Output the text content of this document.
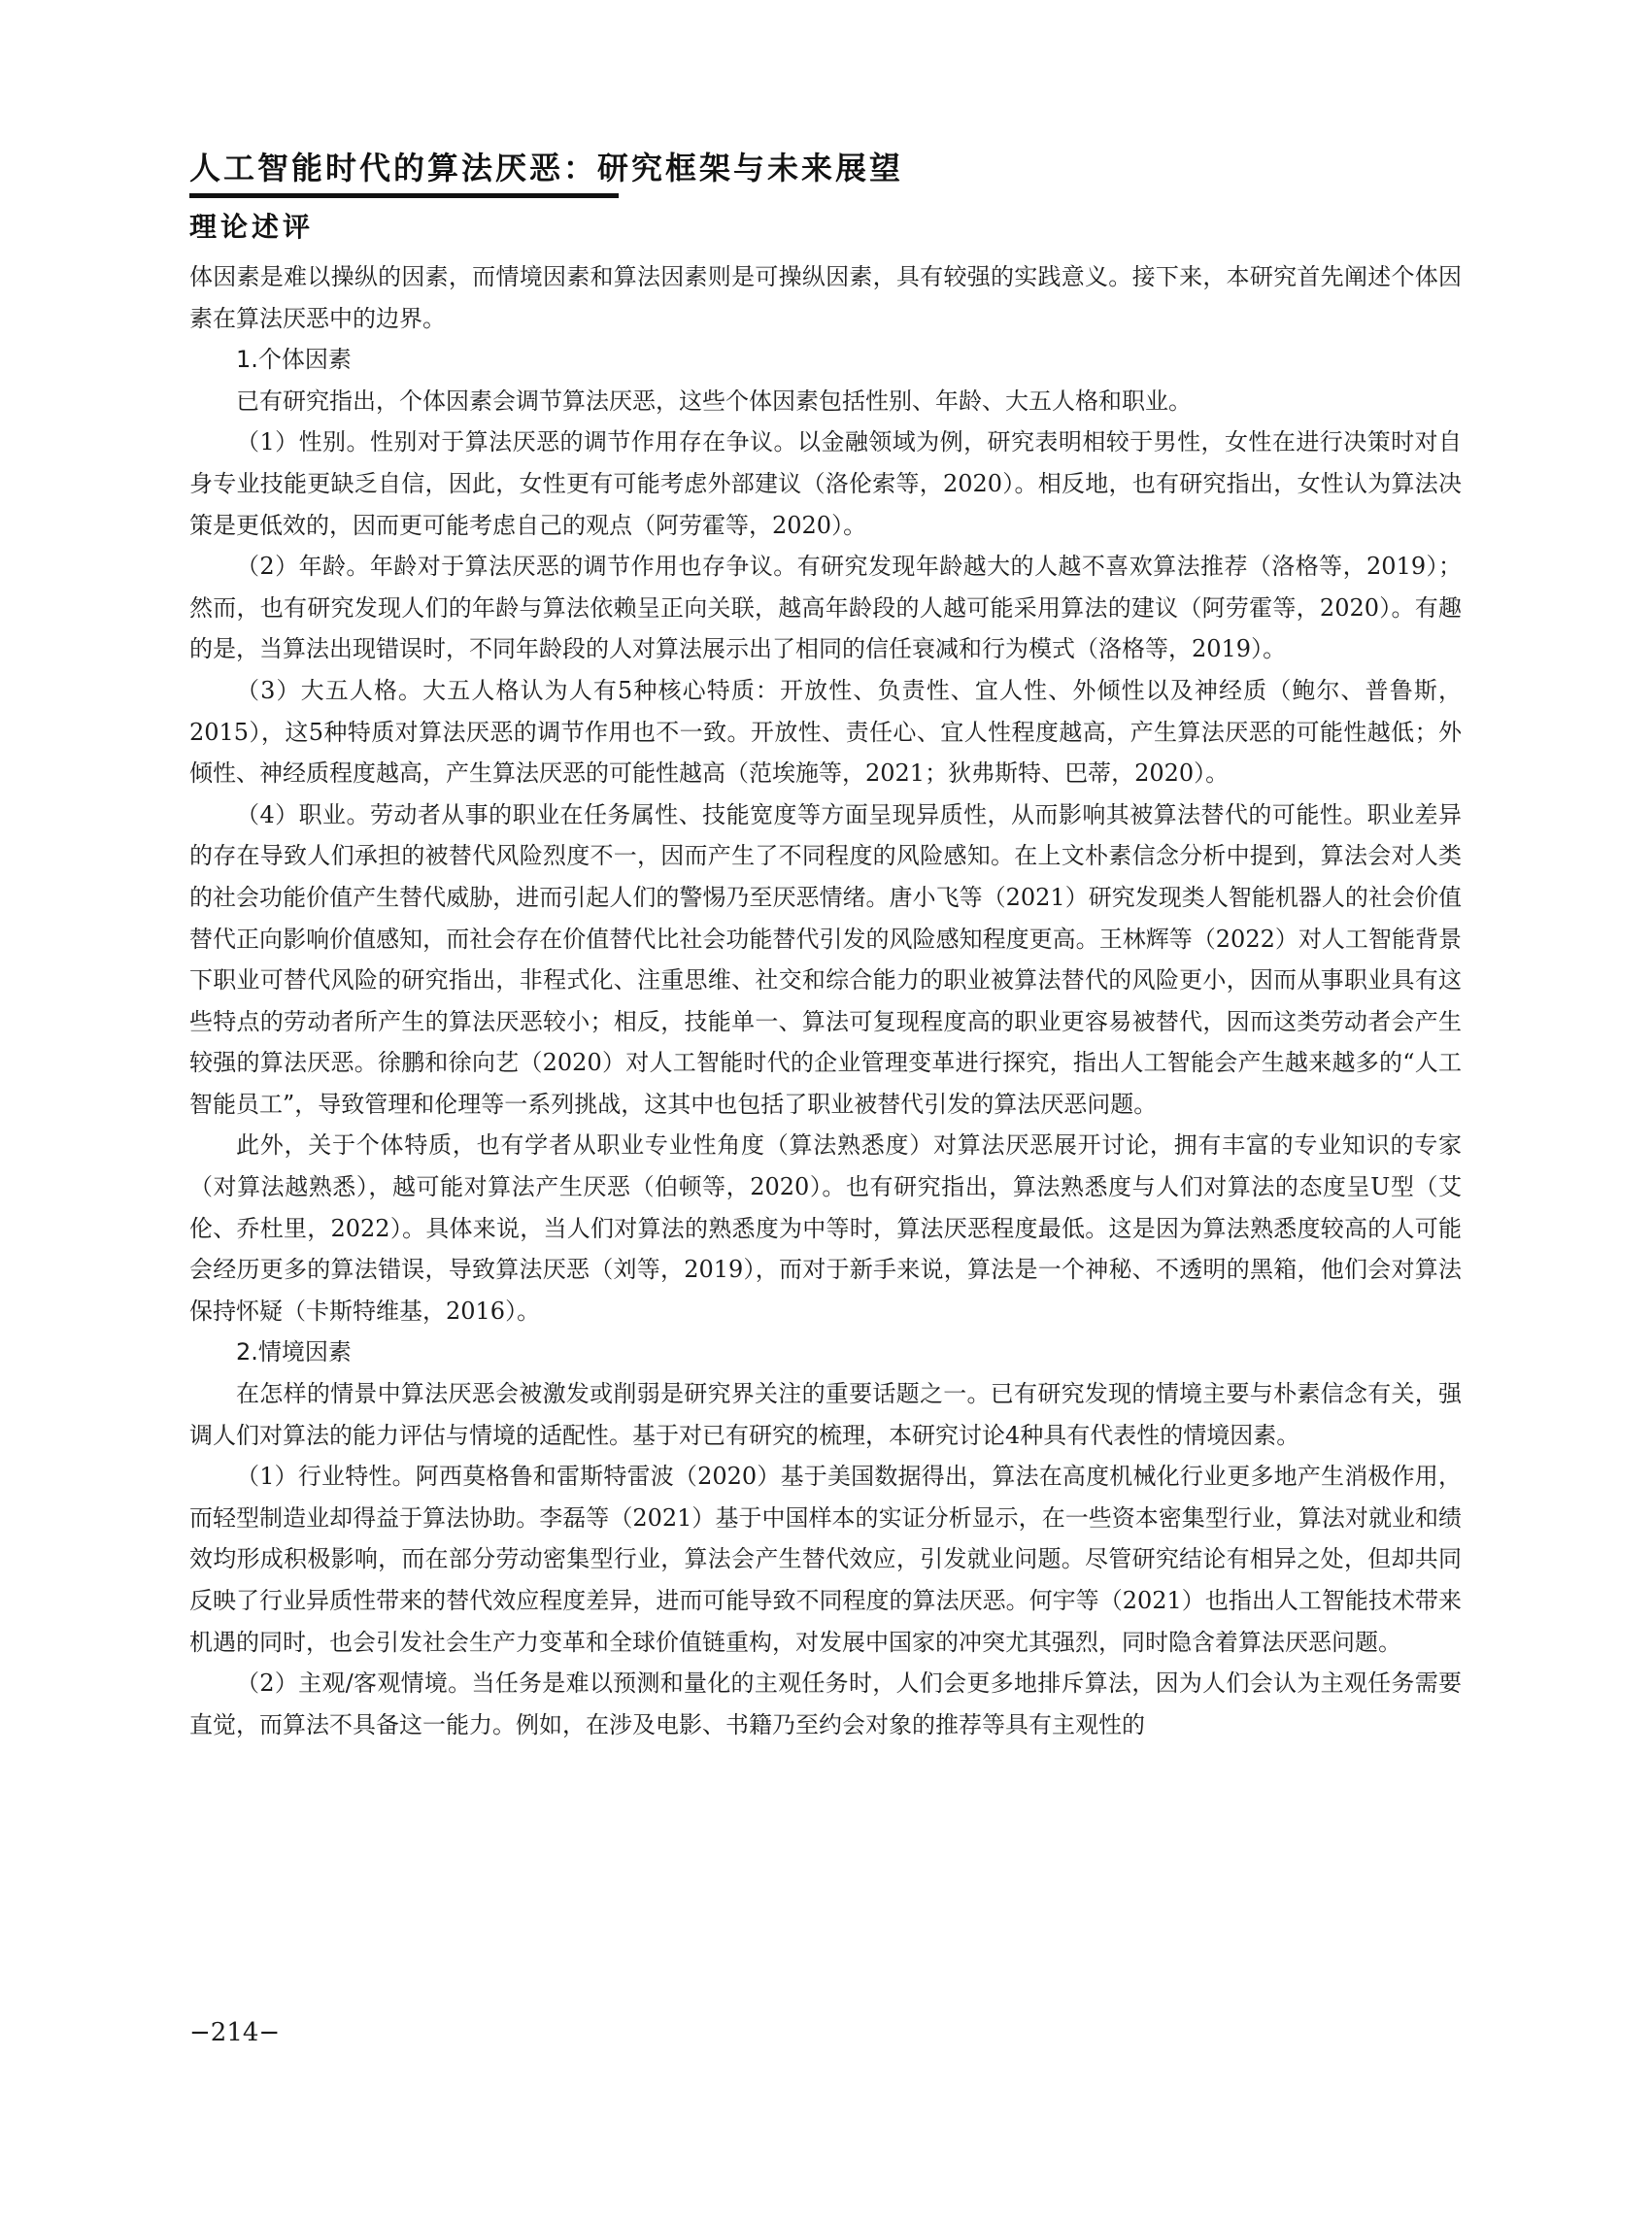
人工智能时代的算法厌恶：研究框架与未来展望
理论述评

体因素是难以操纵的因素，而情境因素和算法因素则是可操纵因素，具有较强的实践意义。接下来，本研究首先阐述个体因素在算法厌恶中的边界。

1.个体因素

已有研究指出，个体因素会调节算法厌恶，这些个体因素包括性别、年龄、大五人格和职业。

（1）性别。性别对于算法厌恶的调节作用存在争议。以金融领域为例，研究表明相较于男性，女性在进行决策时对自身专业技能更缺乏自信，因此，女性更有可能考虑外部建议（洛伦索等，2020）。相反地，也有研究指出，女性认为算法决策是更低效的，因而更可能考虑自己的观点（阿劳霍等，2020）。

（2）年龄。年龄对于算法厌恶的调节作用也存争议。有研究发现年龄越大的人越不喜欢算法推荐（洛格等，2019）；然而，也有研究发现人们的年龄与算法依赖呈正向关联，越高年龄段的人越可能采用算法的建议（阿劳霍等，2020）。有趣的是，当算法出现错误时，不同年龄段的人对算法展示出了相同的信任衰减和行为模式（洛格等，2019）。

（3）大五人格。大五人格认为人有5种核心特质：开放性、负责性、宜人性、外倾性以及神经质（鲍尔、普鲁斯，2015），这5种特质对算法厌恶的调节作用也不一致。开放性、责任心、宜人性程度越高，产生算法厌恶的可能性越低；外倾性、神经质程度越高，产生算法厌恶的可能性越高（范埃施等，2021；狄弗斯特、巴蒂，2020）。

（4）职业。劳动者从事的职业在任务属性、技能宽度等方面呈现异质性，从而影响其被算法替代的可能性。职业差异的存在导致人们承担的被替代风险烈度不一，因而产生了不同程度的风险感知。在上文朴素信念分析中提到，算法会对人类的社会功能价值产生替代威胁，进而引起人们的警惕乃至厌恶情绪。唐小飞等（2021）研究发现类人智能机器人的社会价值替代正向影响价值感知，而社会存在价值替代比社会功能替代引发的风险感知程度更高。王林辉等（2022）对人工智能背景下职业可替代风险的研究指出，非程式化、注重思维、社交和综合能力的职业被算法替代的风险更小，因而从事职业具有这些特点的劳动者所产生的算法厌恶较小；相反，技能单一、算法可复现程度高的职业更容易被替代，因而这类劳动者会产生较强的算法厌恶。徐鹏和徐向艺（2020）对人工智能时代的企业管理变革进行探究，指出人工智能会产生越来越多的“人工智能员工”，导致管理和伦理等一系列挑战，这其中也包括了职业被替代引发的算法厌恶问题。

此外，关于个体特质，也有学者从职业专业性角度（算法熟悉度）对算法厌恶展开讨论，拥有丰富的专业知识的专家（对算法越熟悉），越可能对算法产生厌恶（伯顿等，2020）。也有研究指出，算法熟悉度与人们对算法的态度呈U型（艾伦、乔杜里，2022）。具体来说，当人们对算法的熟悉度为中等时，算法厌恶程度最低。这是因为算法熟悉度较高的人可能会经历更多的算法错误，导致算法厌恶（刘等，2019），而对于新手来说，算法是一个神秘、不透明的黑箱，他们会对算法保持怀疑（卡斯特维基，2016）。

2.情境因素

在怎样的情景中算法厌恶会被激发或削弱是研究界关注的重要话题之一。已有研究发现的情境主要与朴素信念有关，强调人们对算法的能力评估与情境的适配性。基于对已有研究的梳理，本研究讨论4种具有代表性的情境因素。

（1）行业特性。阿西莫格鲁和雷斯特雷波（2020）基于美国数据得出，算法在高度机械化行业更多地产生消极作用，而轻型制造业却得益于算法协助。李磊等（2021）基于中国样本的实证分析显示，在一些资本密集型行业，算法对就业和绩效均形成积极影响，而在部分劳动密集型行业，算法会产生替代效应，引发就业问题。尽管研究结论有相异之处，但却共同反映了行业异质性带来的替代效应程度差异，进而可能导致不同程度的算法厌恶。何宇等（2021）也指出人工智能技术带来机遇的同时，也会引发社会生产力变革和全球价值链重构，对发展中国家的冲突尤其强烈，同时隐含着算法厌恶问题。

（2）主观/客观情境。当任务是难以预测和量化的主观任务时，人们会更多地排斥算法，因为人们会认为主观任务需要直觉，而算法不具备这一能力。例如，在涉及电影、书籍乃至约会对象的推荐等具有主观性的

−214−
